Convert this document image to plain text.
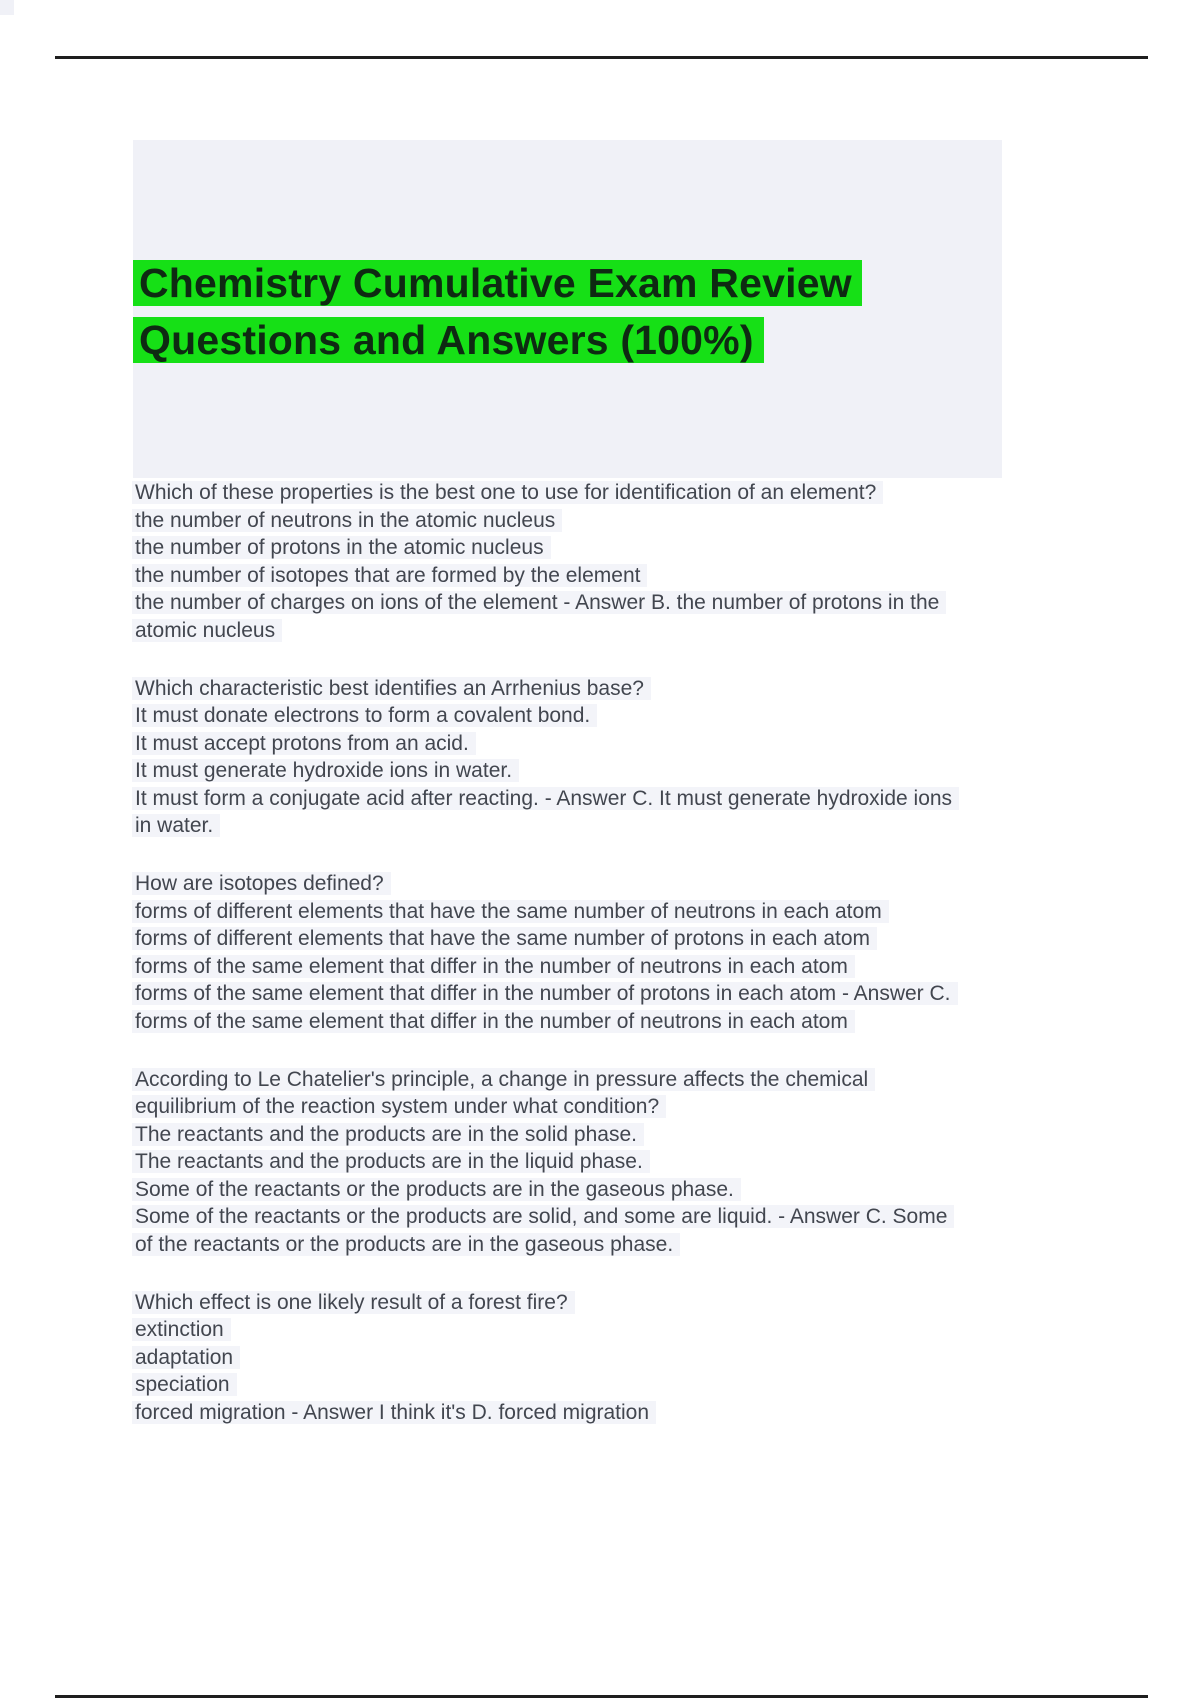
Chemistry Cumulative Exam Review
Questions and Answers (100%)
Which of these properties is the best one to use for identification of an element?
the number of neutrons in the atomic nucleus
the number of protons in the atomic nucleus
the number of isotopes that are formed by the element
the number of charges on ions of the element - Answer B. the number of protons in the
atomic nucleus
Which characteristic best identifies an Arrhenius base?
It must donate electrons to form a covalent bond.
It must accept protons from an acid.
It must generate hydroxide ions in water.
It must form a conjugate acid after reacting. - Answer C. It must generate hydroxide ions
in water.
How are isotopes defined?
forms of different elements that have the same number of neutrons in each atom
forms of different elements that have the same number of protons in each atom
forms of the same element that differ in the number of neutrons in each atom
forms of the same element that differ in the number of protons in each atom - Answer C.
forms of the same element that differ in the number of neutrons in each atom
According to Le Chatelier's principle, a change in pressure affects the chemical
equilibrium of the reaction system under what condition?
The reactants and the products are in the solid phase.
The reactants and the products are in the liquid phase.
Some of the reactants or the products are in the gaseous phase.
Some of the reactants or the products are solid, and some are liquid. - Answer C. Some
of the reactants or the products are in the gaseous phase.
Which effect is one likely result of a forest fire?
extinction
adaptation
speciation
forced migration - Answer I think it's D. forced migration
